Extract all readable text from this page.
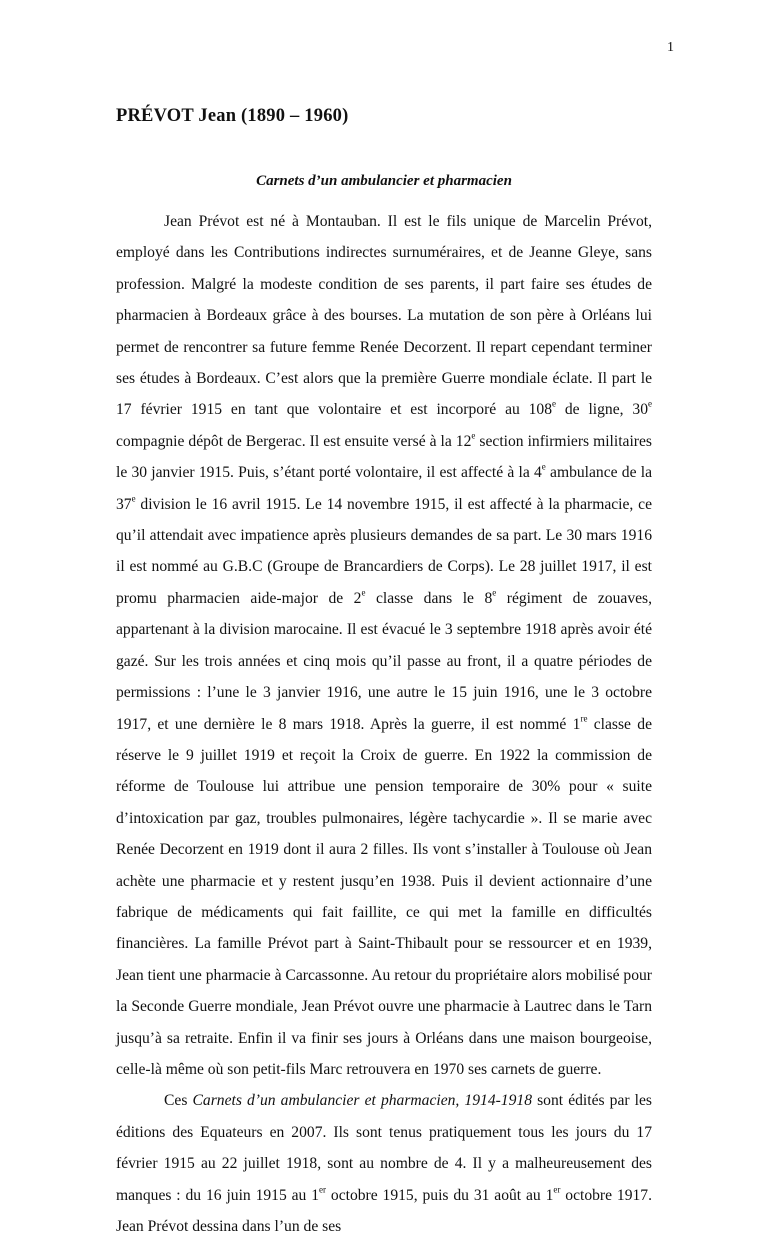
1
PRÉVOT Jean (1890 – 1960)
Carnets d’un ambulancier et pharmacien

Jean Prévot est né à Montauban. Il est le fils unique de Marcelin Prévot, employé dans les Contributions indirectes surnuméraires, et de Jeanne Gleye, sans profession. Malgré la modeste condition de ses parents, il part faire ses études de pharmacien à Bordeaux grâce à des bourses. La mutation de son père à Orléans lui permet de rencontrer sa future femme Renée Decorzent. Il repart cependant terminer ses études à Bordeaux. C’est alors que la première Guerre mondiale éclate. Il part le 17 février 1915 en tant que volontaire et est incorporé au 108e de ligne, 30e compagnie dépôt de Bergerac. Il est ensuite versé à la 12e section infirmiers militaires le 30 janvier 1915. Puis, s’étant porté volontaire, il est affecté à la 4e ambulance de la 37e division le 16 avril 1915. Le 14 novembre 1915, il est affecté à la pharmacie, ce qu’il attendait avec impatience après plusieurs demandes de sa part. Le 30 mars 1916 il est nommé au G.B.C (Groupe de Brancardiers de Corps). Le 28 juillet 1917, il est promu pharmacien aide-major de 2e classe dans le 8e régiment de zouaves, appartenant à la division marocaine. Il est évacué le 3 septembre 1918 après avoir été gazé. Sur les trois années et cinq mois qu’il passe au front, il a quatre périodes de permissions : l’une le 3 janvier 1916, une autre le 15 juin 1916, une le 3 octobre 1917, et une dernière le 8 mars 1918. Après la guerre, il est nommé 1re classe de réserve le 9 juillet 1919 et reçoit la Croix de guerre. En 1922 la commission de réforme de Toulouse lui attribue une pension temporaire de 30% pour « suite d’intoxication par gaz, troubles pulmonaires, légère tachycardie ». Il se marie avec Renée Decorzent en 1919 dont il aura 2 filles. Ils vont s’installer à Toulouse où Jean achète une pharmacie et y restent jusqu’en 1938. Puis il devient actionnaire d’une fabrique de médicaments qui fait faillite, ce qui met la famille en difficultés financières. La famille Prévot part à Saint-Thibault pour se ressourcer et en 1939, Jean tient une pharmacie à Carcassonne. Au retour du propriétaire alors mobilisé pour la Seconde Guerre mondiale, Jean Prévot ouvre une pharmacie à Lautrec dans le Tarn jusqu’à sa retraite. Enfin il va finir ses jours à Orléans dans une maison bourgeoise, celle-là même où son petit-fils Marc retrouvera en 1970 ses carnets de guerre.

Ces Carnets d’un ambulancier et pharmacien, 1914-1918 sont édités par les éditions des Equateurs en 2007. Ils sont tenus pratiquement tous les jours du 17 février 1915 au 22 juillet 1918, sont au nombre de 4. Il y a malheureusement des manques : du 16 juin 1915 au 1er octobre 1915, puis du 31 août au 1er octobre 1917. Jean Prévot dessina dans l’un de ses
